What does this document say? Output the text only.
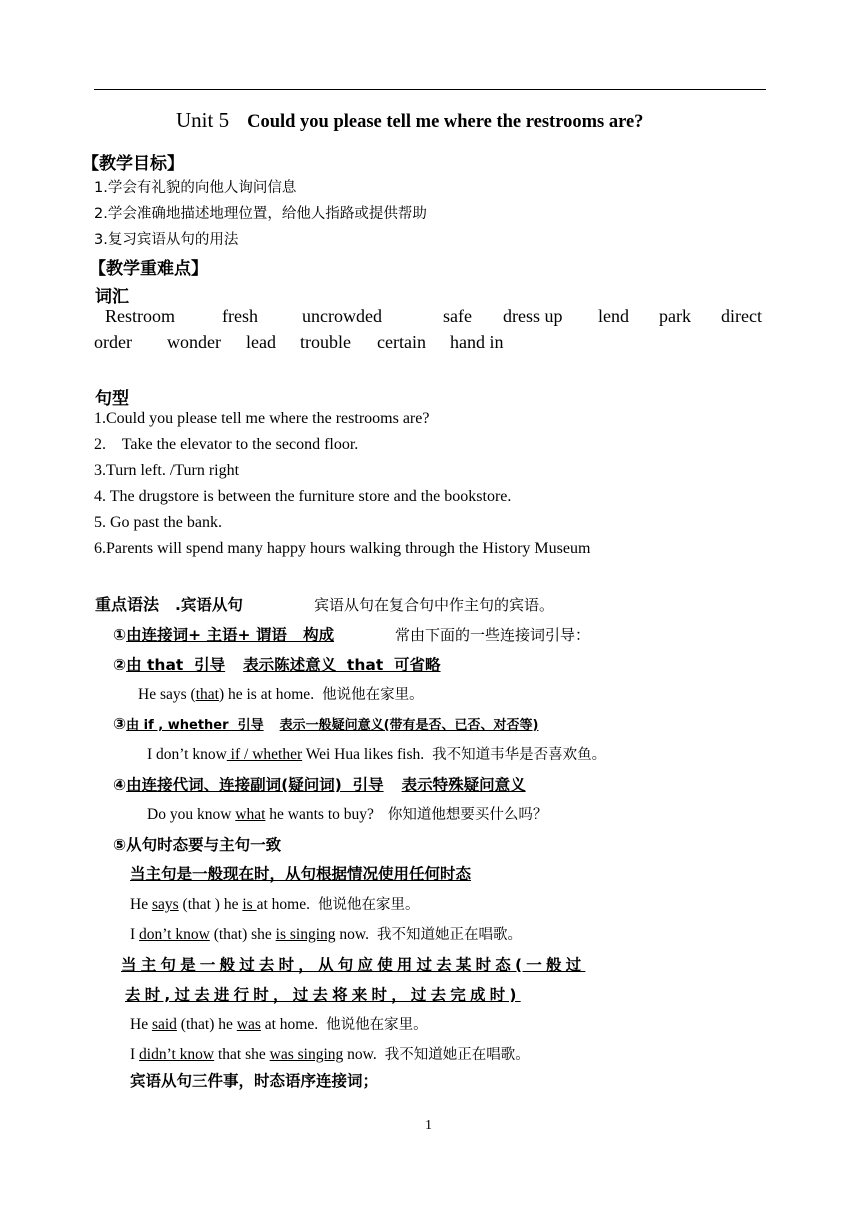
Unit 5 Could you please tell me where the restrooms are?
【教学目标】
1.学会有礼貌的向他人询问信息
2.学会准确地描述地理位置，给他人指路或提供帮助
3.复习宾语从句的用法
【教学重难点】
词汇
Restroom	fresh uncrowded	safe dress up lend park direct
order wonder lead trouble certain hand in
句型
1.Could you please tell me where the restrooms are?
2.    Take the elevator to the second floor.
3.Turn left. /Turn right
4. The drugstore is between the furniture store and the bookstore.
5. Go past the bank.
6.Parents will spend many happy hours walking through the History Museum
重点语法 .宾语从句	宾语从句在复合句中作主句的宾语。
①由连接词+ 主语+ 谓语   构成	常由下面的一些连接词引导：
②由 that  引导 表示陈述意义  that  可省略
He says (that) he is at home. 他说他在家里。
③由 if , whether  引导 表示一般疑问意义(带有是否、已否、对否等)
I don’t know if / whether Wei Hua likes fish. 我不知道韦华是否喜欢鱼。
④由连接代词、连接副词(疑问词)  引导 表示特殊疑问意义
Do you know what he wants to buy? 你知道他想要买什么吗？
⑤从句时态要与主句一致
当主句是一般现在时，从句根据情况使用任何时态
He says (that ) he is at home. 他说他在家里。
I don’t know (that) she is singing now. 我不知道她正在唱歌。
当主句是一般过去时，从句应使用过去某时态(一般过
去时,过去进行时，过去将来时，过去完成时)
He said (that) he was at home. 他说他在家里。
I didn’t know that she was singing now. 我不知道她正在唱歌。
宾语从句三件事，时态语序连接词；
1
